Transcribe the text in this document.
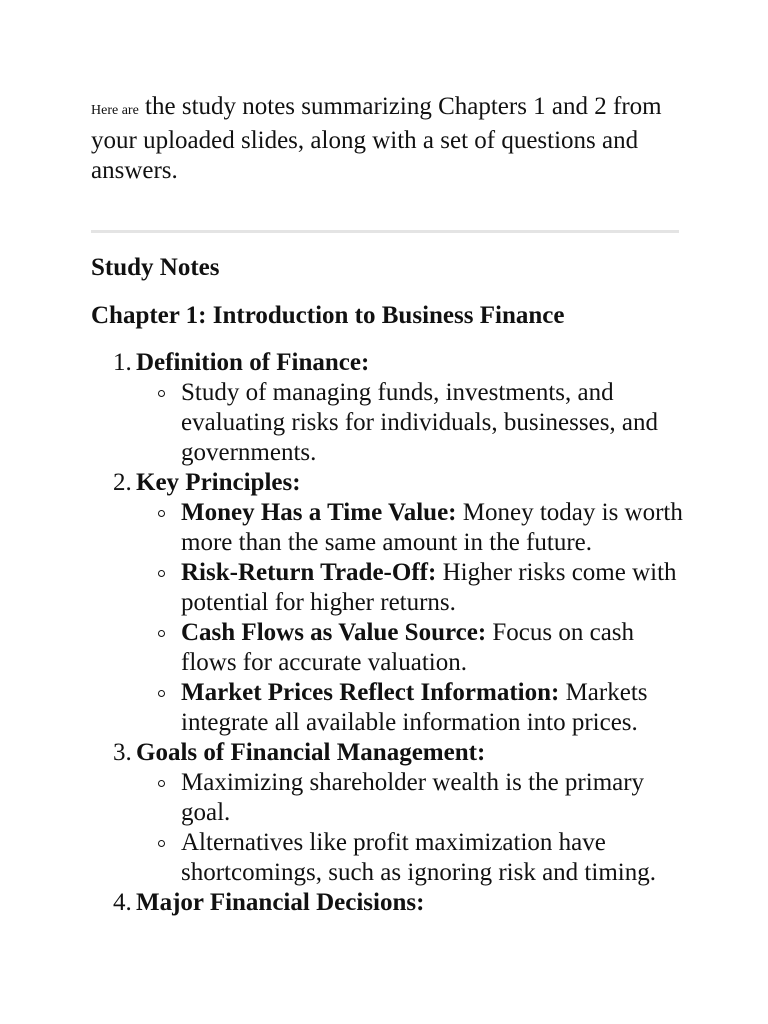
Here are the study notes summarizing Chapters 1 and 2 from your uploaded slides, along with a set of questions and answers.

Study Notes

Chapter 1: Introduction to Business Finance

1. Definition of Finance:
Study of managing funds, investments, and evaluating risks for individuals, businesses, and governments.
2. Key Principles:
Money Has a Time Value: Money today is worth more than the same amount in the future.
Risk-Return Trade-Off: Higher risks come with potential for higher returns.
Cash Flows as Value Source: Focus on cash flows for accurate valuation.
Market Prices Reflect Information: Markets integrate all available information into prices.
3. Goals of Financial Management:
Maximizing shareholder wealth is the primary goal.
Alternatives like profit maximization have shortcomings, such as ignoring risk and timing.
4. Major Financial Decisions:
